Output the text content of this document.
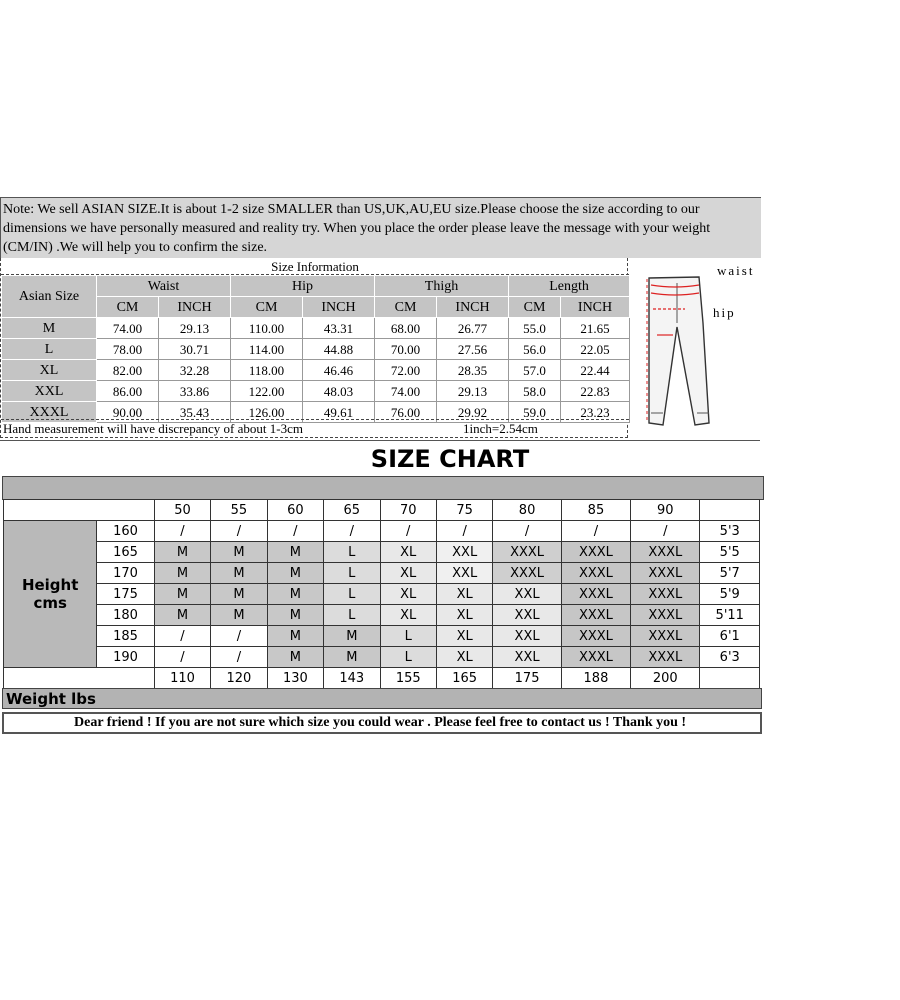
Note: We sell ASIAN SIZE.It is about 1-2 size SMALLER than US,UK,AU,EU size.Please choose the size according to our
dimensions we have personally measured and reality try. When you place the order please leave the message with your weight
(CM/IN) .We will help you to confirm the size.
Size Information
Asian Size	Waist		Hip		Thigh		Length	
	CM	INCH	CM	INCH	CM	INCH	CM	INCH
M	74.00	29.13	110.00	43.31	68.00	26.77	55.0	21.65
L	78.00	30.71	114.00	44.88	70.00	27.56	56.0	22.05
XL	82.00	32.28	118.00	46.46	72.00	28.35	57.0	22.44
XXL	86.00	33.86	122.00	48.03	74.00	29.13	58.0	22.83
XXXL	90.00	35.43	126.00	49.61	76.00	29.92	59.0	23.23
Hand measurement will have discrepancy of about 1-3cm	1inch=2.54cm
waist
hip
SIZE CHART
		50	55	60	65	70	75	80	85	90	

Height
cms	160	/	/	/	/	/	/	/	/	/	5'3
	165	M	M	M	L	XL	XXL	XXXL	XXXL	XXXL	5'5
	170	M	M	M	L	XL	XXL	XXXL	XXXL	XXXL	5'7
	175	M	M	M	L	XL	XL	XXL	XXXL	XXXL	5'9
	180	M	M	M	L	XL	XL	XXL	XXXL	XXXL	5'11
	185	/	/	M	M	L	XL	XXL	XXXL	XXXL	6'1
	190	/	/	M	M	L	XL	XXL	XXXL	XXXL	6'3
		110	120	130	143	155	165	175	188	200	
Weight lbs
Dear friend ! If you are not sure which size you could wear . Please feel free to contact us ! Thank you !
